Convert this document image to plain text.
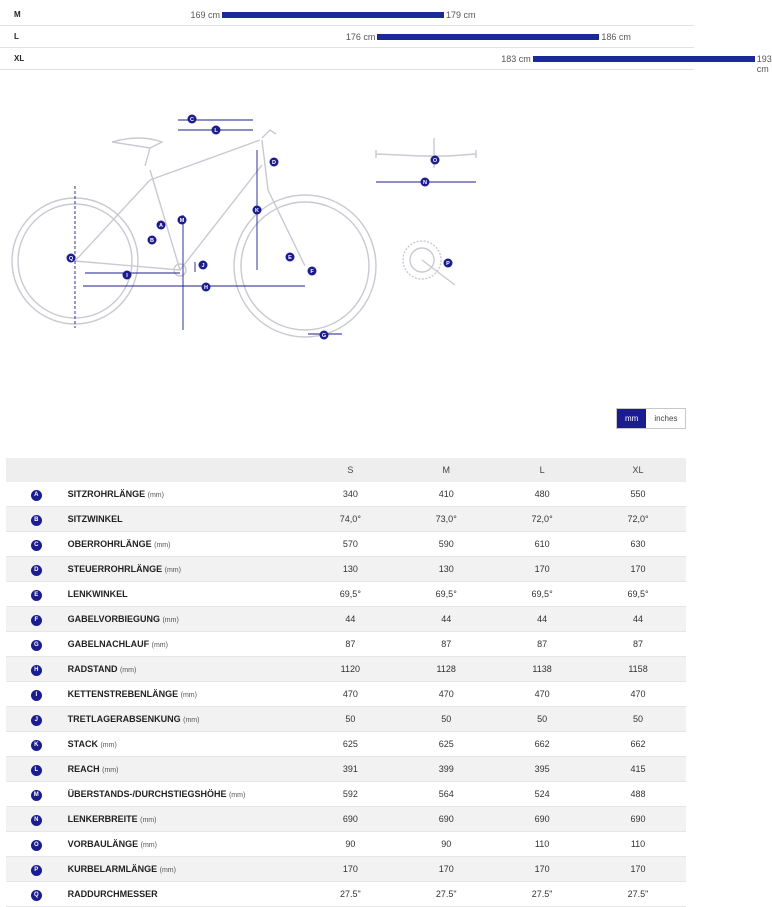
M	169 cm	179 cm
L	176 cm	186 cm
XL	183 cm	193 cm
A
B
C
D
E
F
G
H
I
J
K
L
M
N
O
P
Q
mm	inches
		S	M	L	XL
A	SITZROHRLÄNGE (mm)	340	410	480	550
B	SITZWINKEL	74,0°	73,0°	72,0°	72,0°
C	OBERROHRLÄNGE (mm)	570	590	610	630
D	STEUERROHRLÄNGE (mm)	130	130	170	170
E	LENKWINKEL	69,5°	69,5°	69,5°	69,5°
F	GABELVORBIEGUNG (mm)	44	44	44	44
G	GABELNACHLAUF (mm)	87	87	87	87
H	RADSTAND (mm)	1120	1128	1138	1158
I	KETTENSTREBENLÄNGE (mm)	470	470	470	470
J	TRETLAGERABSENKUNG (mm)	50	50	50	50
K	STACK (mm)	625	625	662	662
L	REACH (mm)	391	399	395	415
M	ÜBERSTANDS-/DURCHSTIEGSHÖHE (mm)	592	564	524	488
N	LENKERBREITE (mm)	690	690	690	690
O	VORBAULÄNGE (mm)	90	90	110	110
P	KURBELARMLÄNGE (mm)	170	170	170	170
Q	RADDURCHMESSER	27.5"	27.5"	27.5"	27.5"
